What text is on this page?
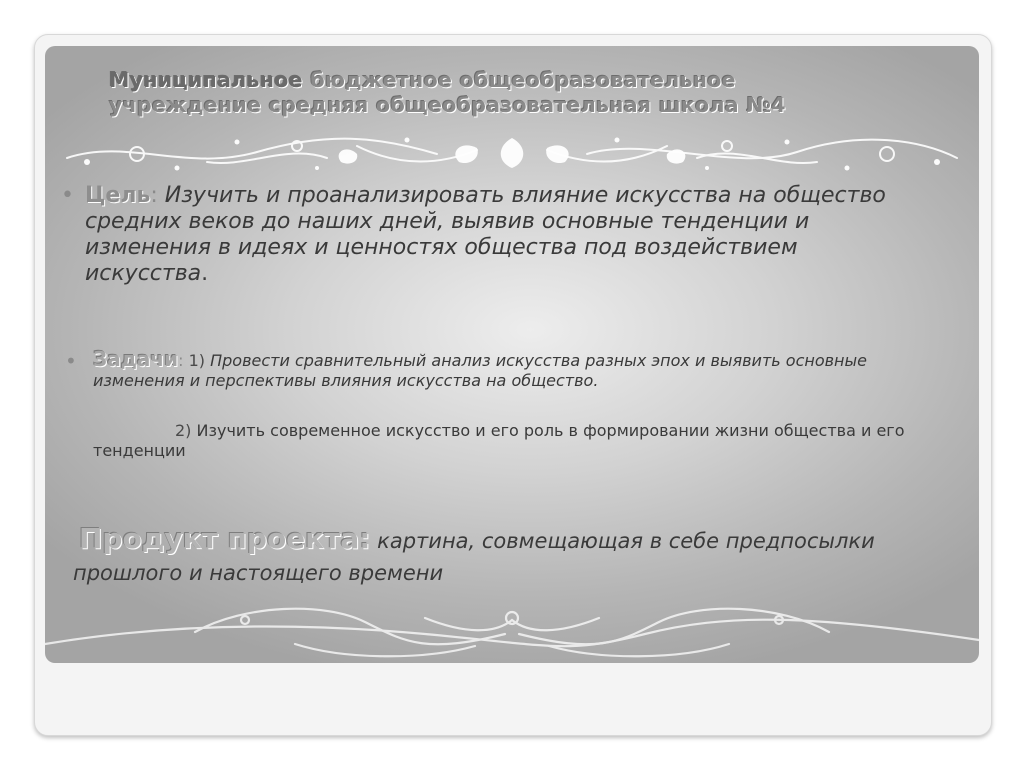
Муниципальное бюджетное общеобразовательное
учреждение средняя общеобразовательная школа №4
• Цель: Изучить и проанализировать влияние искусства на общество средних веков до наших дней, выявив основные тенденции и изменения в идеях и ценностях общества под воздействием искусства.
• Задачи: 1) Провести сравнительный анализ искусства разных эпох и выявить основные изменения и перспективы влияния искусства на общество.
2) Изучить современное искусство и его роль в формировании жизни общества и его тенденции
Продукт проекта: картина, совмещающая в себе предпосылки прошлого и настоящего времени
